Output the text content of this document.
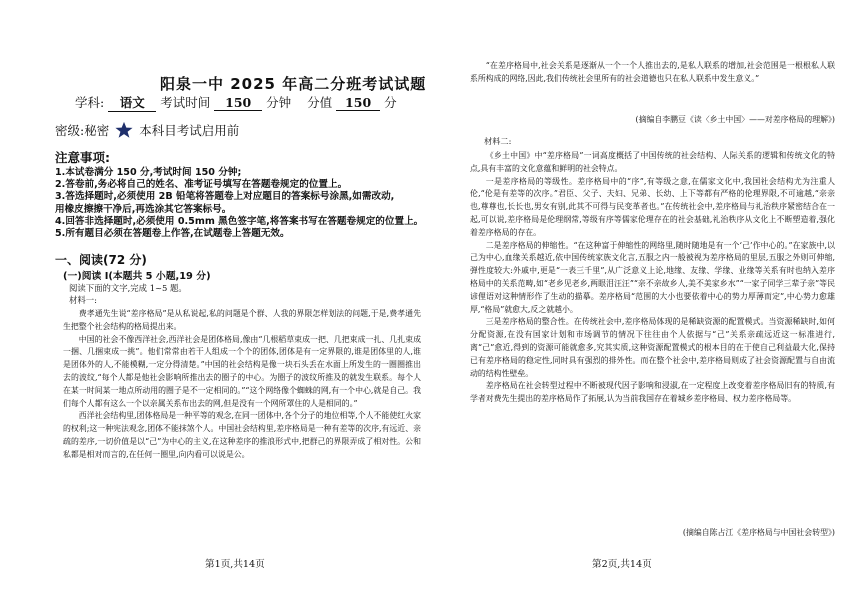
阳泉一中 2025 年高二分班考试试题
学科: 语文 考试时间 150 分钟 分值 150 分
密级:秘密 本科目考试启用前
注意事项:
1.本试卷满分 150 分,考试时间 150 分钟;
2.答卷前,务必将自己的姓名、准考证号填写在答题卷规定的位置上。
3.答选择题时,必须使用 2B 铅笔将答题卷上对应题目的答案标号涂黑,如需改动,
用橡皮擦擦干净后,再选涂其它答案标号。
4.回答非选择题时,必须使用 0.5mm 黑色签字笔,将答案书写在答题卷规定的位置上。
5.所有题目必须在答题卷上作答,在试题卷上答题无效。
一、阅读(72 分)
(一)阅读 I(本题共 5 小题,19 分)
阅读下面的文字,完成 1~5 题。
材料一:

费孝通先生说“差序格局”是从私说起,私的问题是个群、人我的界限怎样划法的问题,于是,费孝通先生把整个社会结构的格局提出来。

中国的社会不像西洋社会,西洋社会是团体格局,像由“几根稻草束成一把、几把束成一扎、几扎束成一捆、几捆束成一挑”。他们常常由若干人组成一个个的团体,团体是有一定界限的,谁是团体里的人,谁是团体外的人,不能模糊,一定分得清楚。”中国的社会结构是像一块石头丢在水面上所发生的一圈圈推出去的波纹,“每个人都是他社会影响所推出去的圈子的中心。为圈子的波纹所推及的就发生联系。每个人在某一时间某一地点所动用的圈子是不一定相同的。”“这个网络像个蜘蛛的网,有一个中心,就是自己。我们每个人都有这么一个以亲属关系布出去的网,但是没有一个网所罩住的人是相同的。”

西洋社会结构里,团体格局是一种平等的观念,在同一团体中,各个分子的地位相等,个人不能使红火家的权利;这一种宪法观念,团体不能抹煞个人。中国社会结构里,差序格局是一种有差等的次序,有远近、亲疏的差序,一切价值是以“己”为中心的主义,在这种差序的推浪形式中,把群己的界限弄成了相对性。公和私都是相对而言的,在任何一圈里,向内看可以说是公。

第1页,共14页

“在差序格局中,社会关系是逐渐从一个一个人推出去的,是私人联系的增加,社会范围是一根根私人联系所构成的网络,因此,我们传统社会里所有的社会道德也只在私人联系中发生意义。”

(摘编自李鹏豆《读〈乡土中国〉——对差序格局的理解》)
材料二:

《乡土中国》中“差序格局”一词高度概括了中国传统的社会结构、人际关系的逻辑和传统文化的特点,具有丰富的文化意蕴和鲜明的社会特点。

一是差序格局的等级性。差序格局中的“序”,有等级之意,在儒家文化中,我国社会结构尤为注重人伦,“伦是有差等的次序。”君臣、父子、夫妇、兄弟、长幼、上下等都有严格的伦理界限,不可逾越,“亲亲也,尊尊也,长长也,男女有别,此其不可得与民变革者也。”在传统社会中,差序格局与礼治秩序紧密结合在一起,可以说,差序格局是伦理纲常,等级有序等儒家伦理存在的社会基础,礼治秩序从文化上不断塑造着,强化着差序格局的存在。

二是差序格局的伸缩性。“在这种富于伸缩性的网络里,随时随地是有一个‘己’作中心的。”在家族中,以己为中心,血缘关系越近,依中国传统家族文化言,五服之内一般被视为差序格局的里层,五服之外则可伸缩,弹性度较大:外戚中,更是“一表三千里”,从广泛意义上论,地缘、友缘、学缘、业缘等关系有时也纳入差序格局中的关系范畴,如“老乡见老乡,两眼泪汪汪”“亲不亲故乡人,美不美家乡水”“一家子同学三辈子亲”等民谚俚语对这种情形作了生动的描摹。差序格局“范围的大小也要依着中心的势力厚薄而定”,中心势力愈雄厚,“格局”就愈大,反之就越小。

三是差序格局的整合性。在传统社会中,差序格局体现的是稀缺资源的配置模式。当资源稀缺时,如何分配资源,在没有国家计划和市场调节的情况下往往由个人依据与“己”关系亲疏远近这一标准进行,离“己”愈近,得到的资源可能就愈多,究其实质,这种资源配置模式的根本目的在于使自己利益最大化,保持已有差序格局的稳定性,同时具有强烈的排外性。而在整个社会中,差序格局则成了社会资源配置与自由流动的结构性壁垒。

差序格局在社会转型过程中不断被现代因子影响和浸淑,在一定程度上改变着差序格局旧有的特质,有学者对费先生提出的差序格局作了拓展,认为当前我国存在着城乡差序格局、权力差序格局等。

(摘编自陈占江《差序格局与中国社会转型》)
第2页,共14页
